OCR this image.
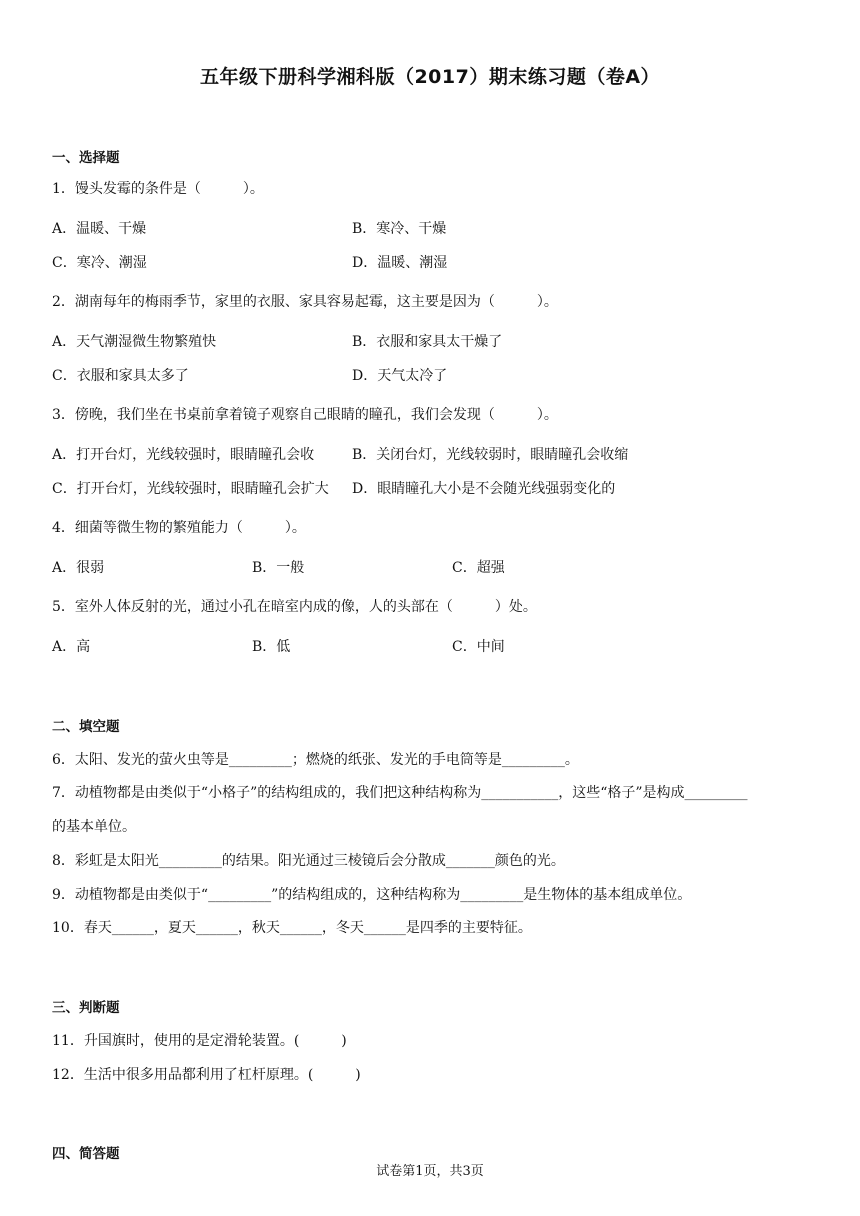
五年级下册科学湘科版（2017）期末练习题（卷A）
一、选择题
1．馒头发霉的条件是（　　　）。
A．温暖、干燥	B．寒冷、干燥
C．寒冷、潮湿	D．温暖、潮湿
2．湖南每年的梅雨季节，家里的衣服、家具容易起霉，这主要是因为（　　　）。
A．天气潮湿微生物繁殖快	B．衣服和家具太干燥了
C．衣服和家具太多了	D．天气太冷了
3．傍晚，我们坐在书桌前拿着镜子观察自己眼睛的瞳孔，我们会发现（　　　）。
A．打开台灯，光线较强时，眼睛瞳孔会收	B．关闭台灯，光线较弱时，眼睛瞳孔会收缩
C．打开台灯，光线较强时，眼睛瞳孔会扩大 D．眼睛瞳孔大小是不会随光线强弱变化的
4．细菌等微生物的繁殖能力（　　　）。
A．很弱	B．一般	C．超强
5．室外人体反射的光，通过小孔在暗室内成的像，人的头部在（　　　）处。
A．高	B．低	C．中间
二、填空题
6．太阳、发光的萤火虫等是_________；燃烧的纸张、发光的手电筒等是_________。
7．动植物都是由类似于“小格子”的结构组成的，我们把这种结构称为___________，这些“格子”是构成_________
的基本单位。
8．彩虹是太阳光_________的结果。阳光通过三棱镜后会分散成_______颜色的光。
9．动植物都是由类似于“_________”的结构组成的，这种结构称为_________是生物体的基本组成单位。
10．春天______，夏天______，秋天______，冬天______是四季的主要特征。
三、判断题
11．升国旗时，使用的是定滑轮装置。(　　　)
12．生活中很多用品都利用了杠杆原理。(　　　)
四、简答题
试卷第1页，共3页
